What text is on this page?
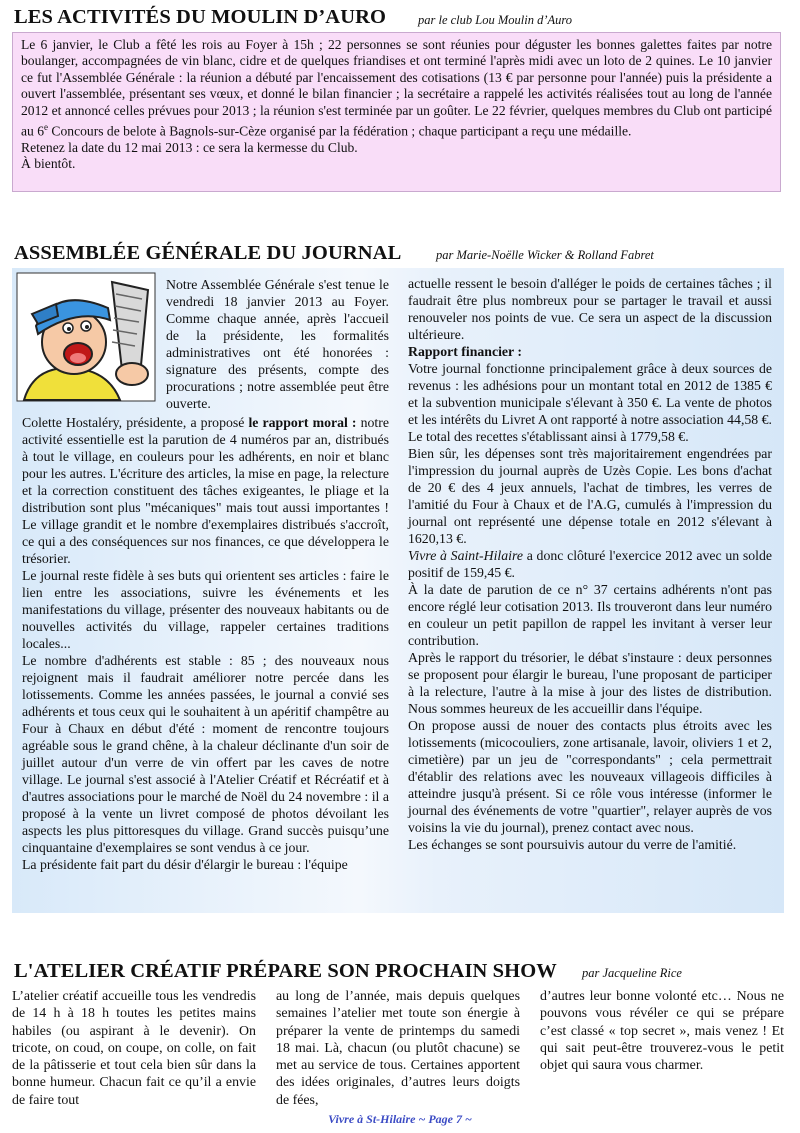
LES ACTIVITÉS DU MOULIN D’AURO	par le club Lou Moulin d’Auro

Le 6 janvier, le Club a fêté les rois au Foyer à 15h ; 22 personnes se sont réunies pour déguster les bonnes galettes faites par notre boulanger, accompagnées de vin blanc, cidre et de quelques friandises et ont terminé l'après midi avec un loto de 2 quines. Le 10 janvier ce fut l'Assemblée Générale : la réunion a débuté par l'encaissement des cotisations (13 € par personne pour l'année) puis la présidente a ouvert l'assemblée, présentant ses vœux, et donné le bilan financier ; la secrétaire a rappelé les activités réalisées tout au long de l'année 2012 et annoncé celles prévues pour 2013 ; la réunion s'est terminée par un goûter. Le 22 février, quelques membres du Club ont participé au 6e Concours de belote à Bagnols-sur-Cèze organisé par la fédération ; chaque participant a reçu une médaille.

Retenez la date du 12 mai 2013 : ce sera la kermesse du Club.

À bientôt.

ASSEMBLÉE GÉNÉRALE DU JOURNAL	par Marie-Noëlle Wicker & Rolland Fabret

Notre Assemblée Générale s'est tenue le vendredi 18 janvier 2013 au Foyer. Comme chaque année, après l'accueil de la présidente, les formalités administratives ont été honorées : signature des présents, compte des procurations ; notre assemblée peut être ouverte.

Colette Hostaléry, présidente, a proposé le rapport moral : notre activité essentielle est la parution de 4 numéros par an, distribués à tout le village, en couleurs pour les adhérents, en noir et blanc pour les autres. L'écriture des articles, la mise en page, la relecture et la correction constituent des tâches exigeantes, le pliage et la distribution sont plus "mécaniques" mais tout aussi importantes ! Le village grandit et le nombre d'exemplaires distribués s'accroît, ce qui a des conséquences sur nos finances, ce que développera le trésorier.

Le journal reste fidèle à ses buts qui orientent ses articles : faire le lien entre les associations, suivre les événements et les manifestations du village, présenter des nouveaux habitants ou de nouvelles activités du village, rappeler certaines traditions locales...

Le nombre d'adhérents est stable : 85 ; des nouveaux nous rejoignent mais il faudrait améliorer notre percée dans les lotissements. Comme les années passées, le journal a convié ses adhérents et tous ceux qui le souhaitent à un apéritif champêtre au Four à Chaux en début d'été : moment de rencontre toujours agréable sous le grand chêne, à la chaleur déclinante d'un soir de juillet autour d'un verre de vin offert par les caves de notre village. Le journal s'est associé à l'Atelier Créatif et Récréatif et à d'autres associations pour le marché de Noël du 24 novembre : il a proposé à la vente un livret composé de photos dévoilant les aspects les plus pittoresques du village. Grand succès puisqu’une cinquantaine d'exemplaires se sont vendus à ce jour.

La présidente fait part du désir d'élargir le bureau : l'équipe

actuelle ressent le besoin d'alléger le poids de certaines tâches ; il faudrait être plus nombreux pour se partager le travail et aussi renouveler nos points de vue. Ce sera un aspect de la discussion ultérieure.

Rapport financier :

Votre journal fonctionne principalement grâce à deux sources de revenus : les adhésions pour un montant total en 2012 de 1385 € et la subvention municipale s'élevant à 350 €. La vente de photos et les intérêts du Livret A ont rapporté à notre association 44,58 €. Le total des recettes s'établissant ainsi à 1779,58 €.

Bien sûr, les dépenses sont très majoritairement engendrées par l'impression du journal auprès de Uzès Copie. Les bons d'achat de 20 € des 4 jeux annuels, l'achat de timbres, les verres de l'amitié du Four à Chaux et de l'A.G, cumulés à l'impression du journal ont représenté une dépense totale en 2012 s'élevant à 1620,13 €.

Vivre à Saint-Hilaire a donc clôturé l'exercice 2012 avec un solde positif de 159,45 €.

À la date de parution de ce n° 37 certains adhérents n'ont pas encore réglé leur cotisation 2013. Ils trouveront dans leur numéro en couleur un petit papillon de rappel les invitant à verser leur contribution.

Après le rapport du trésorier, le débat s'instaure : deux personnes se proposent pour élargir le bureau, l'une proposant de participer à la relecture, l'autre à la mise à jour des listes de distribution. Nous sommes heureux de les accueillir dans l'équipe.

On propose aussi de nouer des contacts plus étroits avec les lotissements (micocouliers, zone artisanale, lavoir, oliviers 1 et 2, cimetière) par un jeu de "correspondants" ; cela permettrait d'établir des relations avec les nouveaux villageois difficiles à atteindre jusqu'à présent. Si ce rôle vous intéresse (informer le journal des événements de votre "quartier", relayer auprès de vos voisins la vie du journal), prenez contact avec nous.

Les échanges se sont poursuivis autour du verre de l'amitié.

L'ATELIER CRÉATIF PRÉPARE SON PROCHAIN SHOW par Jacqueline Rice

L’atelier créatif accueille tous les vendredis de 14 h à 18 h toutes les petites mains habiles (ou aspirant à le devenir). On tricote, on coud, on coupe, on colle, on fait de la pâtisserie et tout cela bien sûr dans la bonne humeur. Chacun fait ce qu’il a envie de faire tout

au long de l’année, mais depuis quelques semaines l’atelier met toute son énergie à préparer la vente de printemps du samedi 18 mai. Là, chacun (ou plutôt chacune) se met au service de tous. Certaines apportent des idées originales, d’autres leurs doigts de fées,

d’autres leur bonne volonté etc… Nous ne pouvons vous révéler ce qui se prépare c’est classé « top secret », mais venez ! Et qui sait peut-être trouverez-vous le petit objet qui saura vous charmer.

Vivre à St-Hilaire ~ Page 7 ~
